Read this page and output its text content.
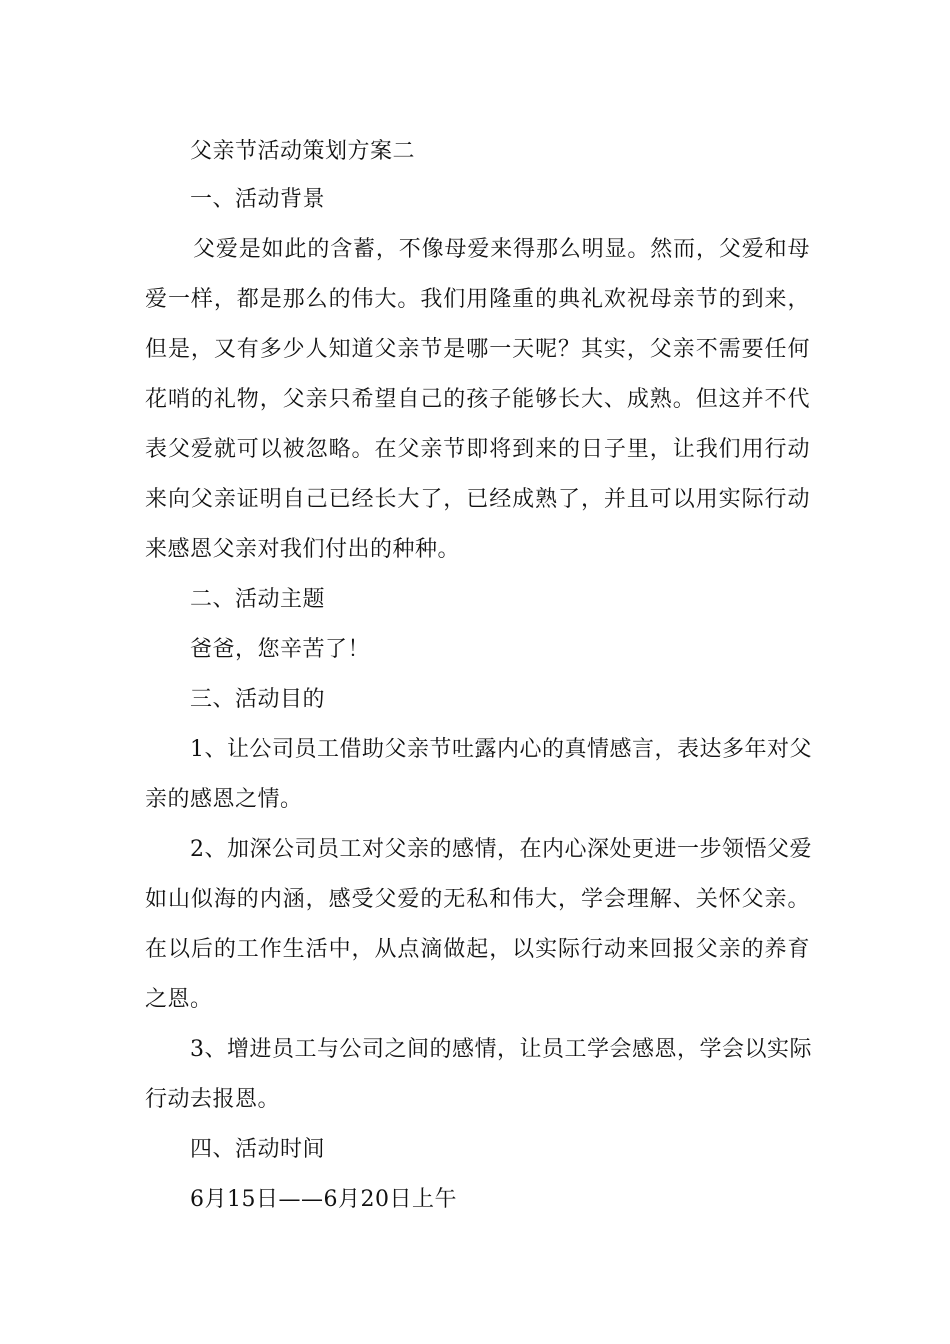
父亲节活动策划方案二
一、活动背景
父爱是如此的含蓄，不像母爱来得那么明显。然而，父爱和母
爱一样，都是那么的伟大。我们用隆重的典礼欢祝母亲节的到来，
但是，又有多少人知道父亲节是哪一天呢？其实，父亲不需要任何
花哨的礼物，父亲只希望自己的孩子能够长大、成熟。但这并不代
表父爱就可以被忽略。在父亲节即将到来的日子里，让我们用行动
来向父亲证明自己已经长大了，已经成熟了，并且可以用实际行动
来感恩父亲对我们付出的种种。
二、活动主题
爸爸，您辛苦了！
三、活动目的
1、让公司员工借助父亲节吐露内心的真情感言，表达多年对父
亲的感恩之情。
2、加深公司员工对父亲的感情，在内心深处更进一步领悟父爱
如山似海的内涵，感受父爱的无私和伟大，学会理解、关怀父亲。
在以后的工作生活中，从点滴做起，以实际行动来回报父亲的养育
之恩。
3、增进员工与公司之间的感情，让员工学会感恩，学会以实际
行动去报恩。
四、活动时间
6月15日——6月20日上午
